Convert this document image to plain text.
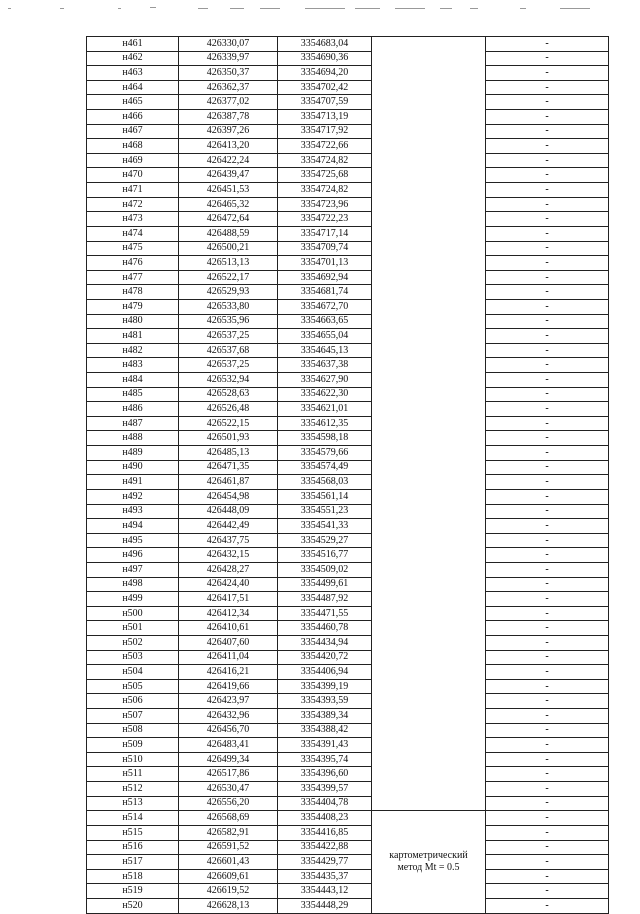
н461	426330,07	3354683,04		-
н462	426339,97	3354690,36		-
н463	426350,37	3354694,20		-
н464	426362,37	3354702,42		-
н465	426377,02	3354707,59		-
н466	426387,78	3354713,19		-
н467	426397,26	3354717,92		-
н468	426413,20	3354722,66		-
н469	426422,24	3354724,82		-
н470	426439,47	3354725,68		-
н471	426451,53	3354724,82		-
н472	426465,32	3354723,96		-
н473	426472,64	3354722,23		-
н474	426488,59	3354717,14		-
н475	426500,21	3354709,74		-
н476	426513,13	3354701,13		-
н477	426522,17	3354692,94		-
н478	426529,93	3354681,74		-
н479	426533,80	3354672,70		-
н480	426535,96	3354663,65		-
н481	426537,25	3354655,04		-
н482	426537,68	3354645,13		-
н483	426537,25	3354637,38		-
н484	426532,94	3354627,90		-
н485	426528,63	3354622,30		-
н486	426526,48	3354621,01		-
н487	426522,15	3354612,35		-
н488	426501,93	3354598,18		-
н489	426485,13	3354579,66		-
н490	426471,35	3354574,49		-
н491	426461,87	3354568,03		-
н492	426454,98	3354561,14		-
н493	426448,09	3354551,23		-
н494	426442,49	3354541,33		-
н495	426437,75	3354529,27		-
н496	426432,15	3354516,77		-
н497	426428,27	3354509,02		-
н498	426424,40	3354499,61		-
н499	426417,51	3354487,92		-
н500	426412,34	3354471,55		-
н501	426410,61	3354460,78		-
н502	426407,60	3354434,94		-
н503	426411,04	3354420,72		-
н504	426416,21	3354406,94		-
н505	426419,66	3354399,19		-
н506	426423,97	3354393,59		-
н507	426432,96	3354389,34		-
н508	426456,70	3354388,42		-
н509	426483,41	3354391,43		-
н510	426499,34	3354395,74		-
н511	426517,86	3354396,60		-
н512	426530,47	3354399,57		-
н513	426556,20	3354404,78		-
н514	426568,69	3354408,23	картометрический
метод Mt = 0.5	-
н515	426582,91	3354416,85		-
н516	426591,52	3354422,88		-
н517	426601,43	3354429,77		-
н518	426609,61	3354435,37		-
н519	426619,52	3354443,12		-
н520	426628,13	3354448,29		-
